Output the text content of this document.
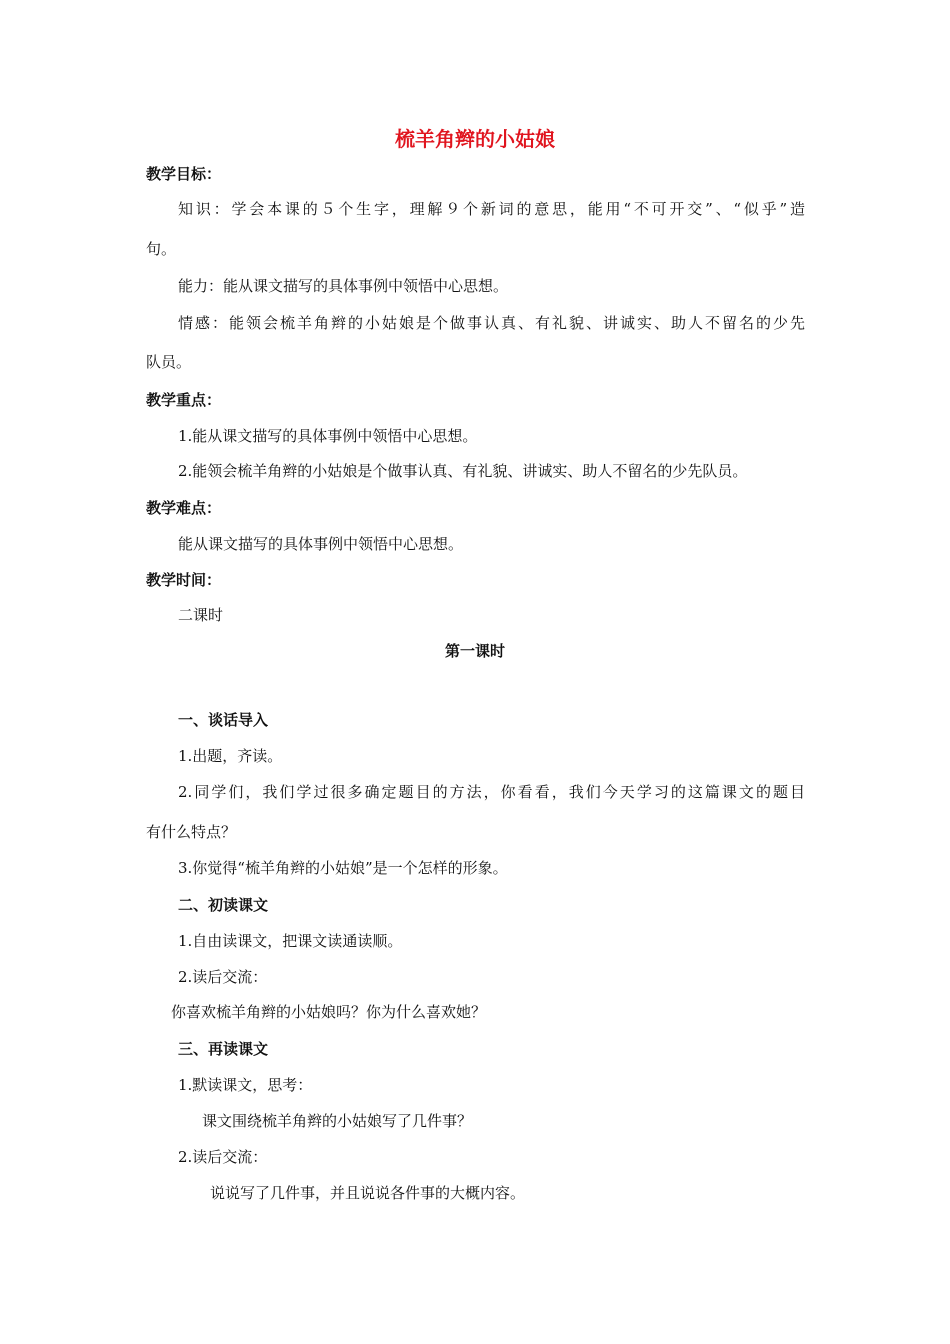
梳羊角辫的小姑娘
教学目标：
知识：学会本课的５个生字，理解９个新词的意思，能用“不可开交”、“似乎”造
句。
能力：能从课文描写的具体事例中领悟中心思想。
情感：能领会梳羊角辫的小姑娘是个做事认真、有礼貌、讲诚实、助人不留名的少先
队员。
教学重点：
1.能从课文描写的具体事例中领悟中心思想。
2.能领会梳羊角辫的小姑娘是个做事认真、有礼貌、讲诚实、助人不留名的少先队员。
教学难点：
能从课文描写的具体事例中领悟中心思想。
教学时间：
二课时
第一课时
一、谈话导入
1.出题，齐读。
2.同学们，我们学过很多确定题目的方法，你看看，我们今天学习的这篇课文的题目
有什么特点？
3.你觉得“梳羊角辫的小姑娘”是一个怎样的形象。
二、初读课文
1.自由读课文，把课文读通读顺。
2.读后交流：
你喜欢梳羊角辫的小姑娘吗？你为什么喜欢她？
三、再读课文
1.默读课文，思考：
课文围绕梳羊角辫的小姑娘写了几件事？
2.读后交流：
说说写了几件事，并且说说各件事的大概内容。
